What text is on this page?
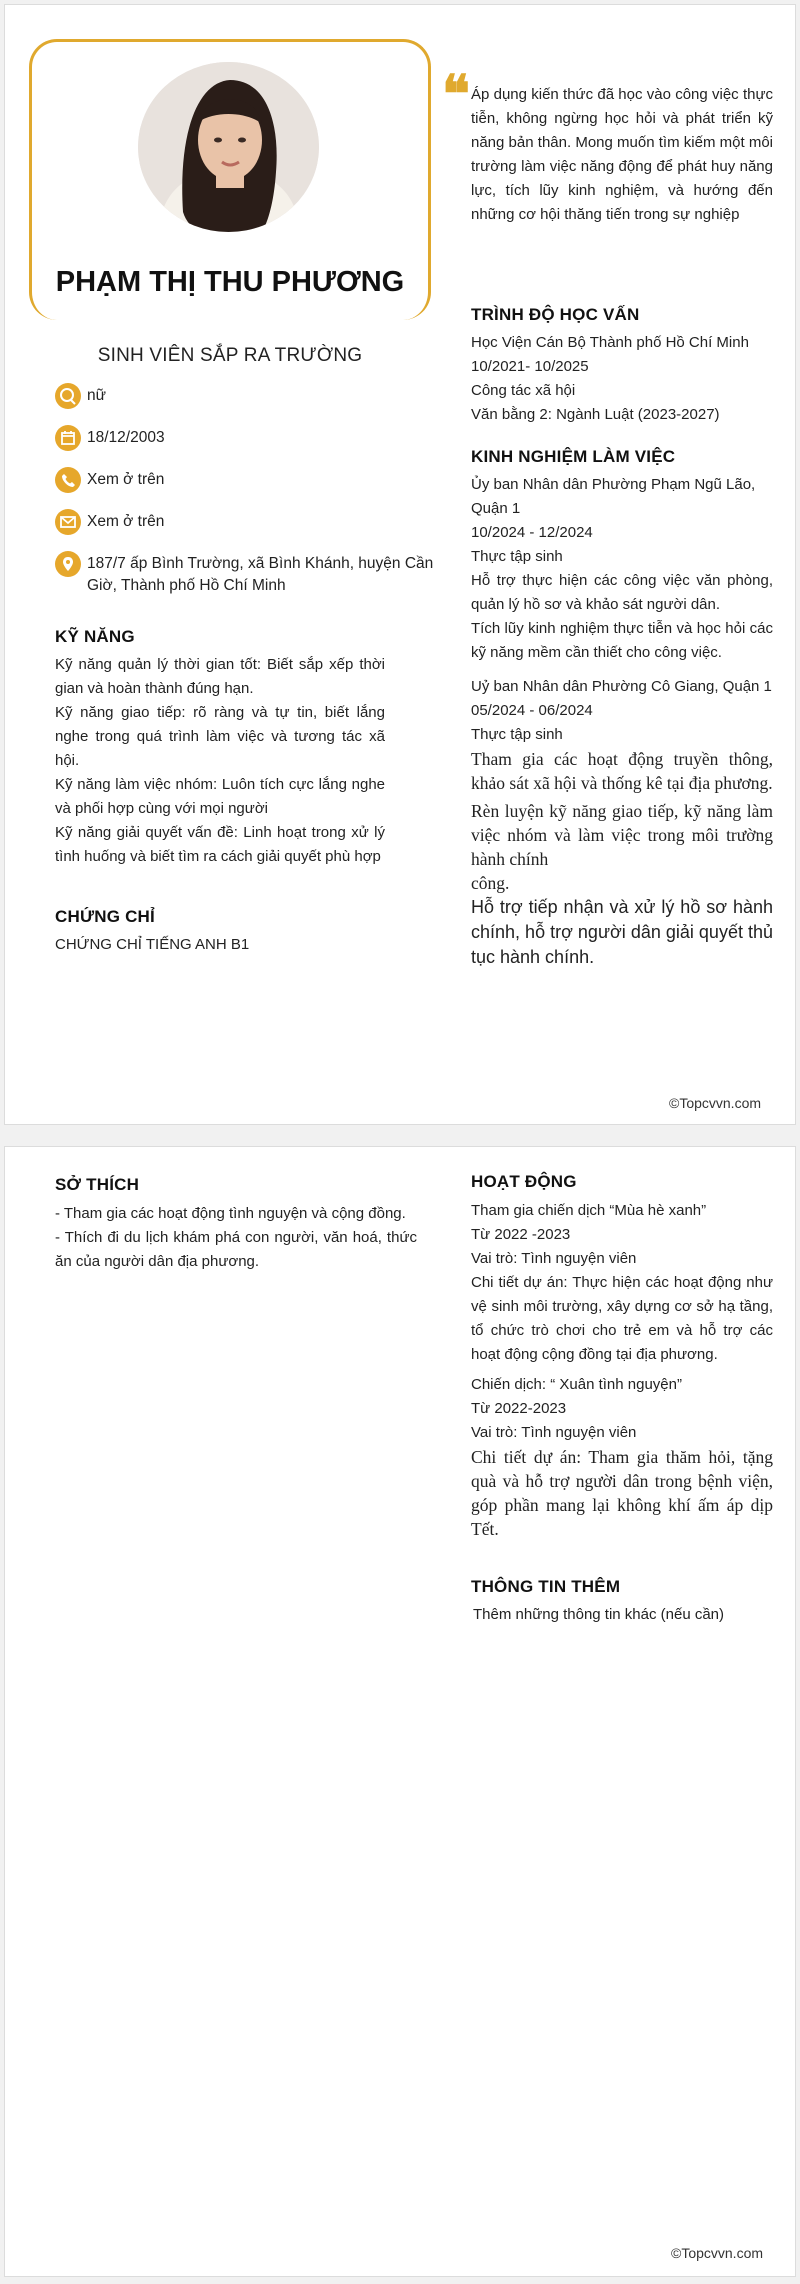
PHẠM THỊ THU PHƯƠNG
SINH VIÊN SẮP RA TRƯỜNG
nữ
18/12/2003
Xem ở trên
Xem ở trên
187/7 ấp Bình Trường, xã Bình Khánh, huyện Cần Giờ, Thành phố Hồ Chí Minh
KỸ NĂNG

Kỹ năng quản lý thời gian tốt: Biết sắp xếp thời gian và hoàn thành đúng hạn.

Kỹ năng giao tiếp: rõ ràng và tự tin, biết lắng nghe trong quá trình làm việc và tương tác xã hội.

Kỹ năng làm việc nhóm: Luôn tích cực lắng nghe và phối hợp cùng với mọi người

Kỹ năng giải quyết vấn đề: Linh hoạt trong xử lý tình huống và biết tìm ra cách giải quyết phù hợp

CHỨNG CHỈ
CHỨNG CHỈ TIẾNG ANH B1
❝ Áp dụng kiến thức đã học vào công việc thực tiễn, không ngừng học hỏi và phát triển kỹ năng bản thân. Mong muốn tìm kiếm một môi trường làm việc năng động để phát huy năng lực, tích lũy kinh nghiệm, và hướng đến những cơ hội thăng tiến trong sự nghiệp
TRÌNH ĐỘ HỌC VẤN

Học Viện Cán Bộ Thành phố Hồ Chí Minh

10/2021- 10/2025

Công tác xã hội

Văn bằng 2: Ngành Luật (2023-2027)

KINH NGHIỆM LÀM VIỆC

Ủy ban Nhân dân Phường Phạm Ngũ Lão, Quận 1

10/2024 - 12/2024

Thực tập sinh

Hỗ trợ thực hiện các công việc văn phòng, quản lý hồ sơ và khảo sát người dân.

Tích lũy kinh nghiệm thực tiễn và học hỏi các kỹ năng mềm cần thiết cho công việc.

Uỷ ban Nhân dân Phường Cô Giang, Quận 1

05/2024 - 06/2024

Thực tập sinh

Tham gia các hoạt động truyền thông, khảo sát xã hội và thống kê tại địa phương.

Rèn luyện kỹ năng giao tiếp, kỹ năng làm việc nhóm và làm việc trong môi trường hành chính

công.

Hỗ trợ tiếp nhận và xử lý hồ sơ hành chính, hỗ trợ người dân giải quyết thủ tục hành chính.

©Topcvvn.com
SỞ THÍCH

- Tham gia các hoạt động tình nguyện và cộng đồng.

- Thích đi du lịch khám phá con người, văn hoá, thức ăn của người dân địa phương.

HOẠT ĐỘNG

Tham gia chiến dịch “Mùa hè xanh”

Từ 2022 -2023

Vai trò: Tình nguyện viên

Chi tiết dự án: Thực hiện các hoạt động như vệ sinh môi trường, xây dựng cơ sở hạ tầng, tổ chức trò chơi cho trẻ em và hỗ trợ các hoạt động cộng đồng tại địa phương.

Chiến dịch: “ Xuân tình nguyện”

Từ 2022-2023

Vai trò: Tình nguyện viên

Chi tiết dự án: Tham gia thăm hỏi, tặng quà và hỗ trợ người dân trong bệnh viện, góp phần mang lại không khí ấm áp dịp Tết.

THÔNG TIN THÊM
Thêm những thông tin khác (nếu cần)
©Topcvvn.com
